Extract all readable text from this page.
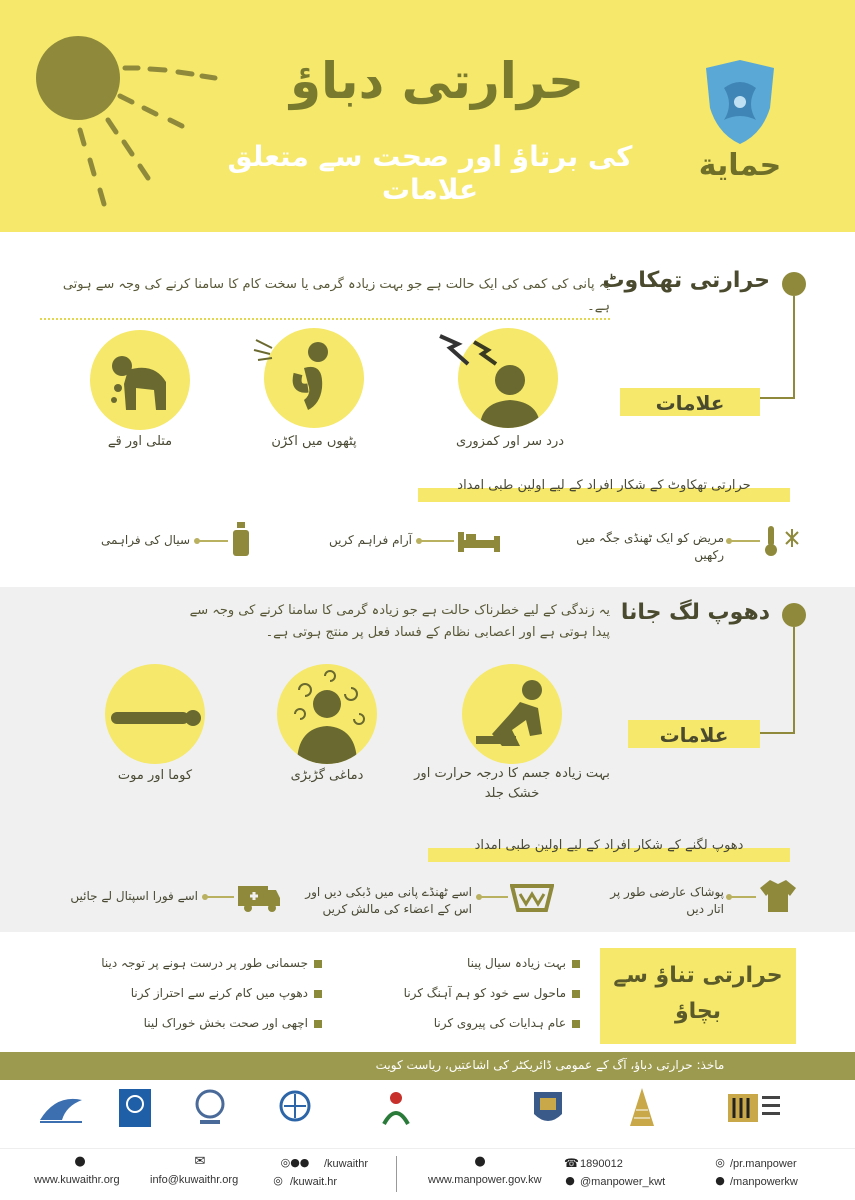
حرارتی دباؤ
کی برتاؤ اور صحت سے متعلق علامات
حماية
حرارتی تھکاوٹ
یہ پانی کی کمی کی ایک حالت ہے جو بہت زیادہ گرمی یا سخت کام کا سامنا کرنے کی وجہ سے ہوتی ہے۔
علامات
درد سر اور کمزوری
پٹھوں میں اکڑن
متلی اور قے
حرارتی تھکاوٹ کے شکار افراد کے لیے اولین طبی امداد
مریض کو ایک ٹھنڈی جگہ میں رکھیں
آرام فراہم کریں
سیال کی فراہمی
دھوپ لگ جانا
یہ زندگی کے لیے خطرناک حالت ہے جو زیادہ گرمی کا سامنا کرنے کی وجہ سے پیدا ہوتی ہے اور اعصابی نظام کے فساد فعل پر منتج ہوتی ہے۔
علامات
بہت زیادہ جسم کا درجہ حرارت اور خشک جلد
دماغی گڑبڑی
کوما اور موت
دھوپ لگنے کے شکار افراد کے لیے اولین طبی امداد
پوشاک عارضی طور پر اتار دیں
اسے ٹھنڈے پانی میں ڈبکی دیں اور اس کے اعضاء کی مالش کریں
اسے فورا اسپتال لے جائیں
حرارتی تناؤ سے بچاؤ
بہت زیادہ سیال پینا
ماحول سے خود کو ہم آہنگ کرنا
عام ہدایات کی پیروی کرنا
جسمانی طور پر درست ہونے پر توجہ دینا
دھوپ میں کام کرنے سے احتراز کرنا
اچھی اور صحت بخش خوراک لینا
ماخذ: حرارتی دباؤ، آگ کے عمومی ڈائریکٹر کی اشاعتیں، ریاست کویت
●
www.kuwaithr.org
✉
info@kuwaithr.org
◎●●	/kuwaithr
◎ /kuwait.hr
●
www.manpower.gov.kw
☎ 1890012
● @manpower_kwt
◎ /pr.manpower
● /manpowerkw
